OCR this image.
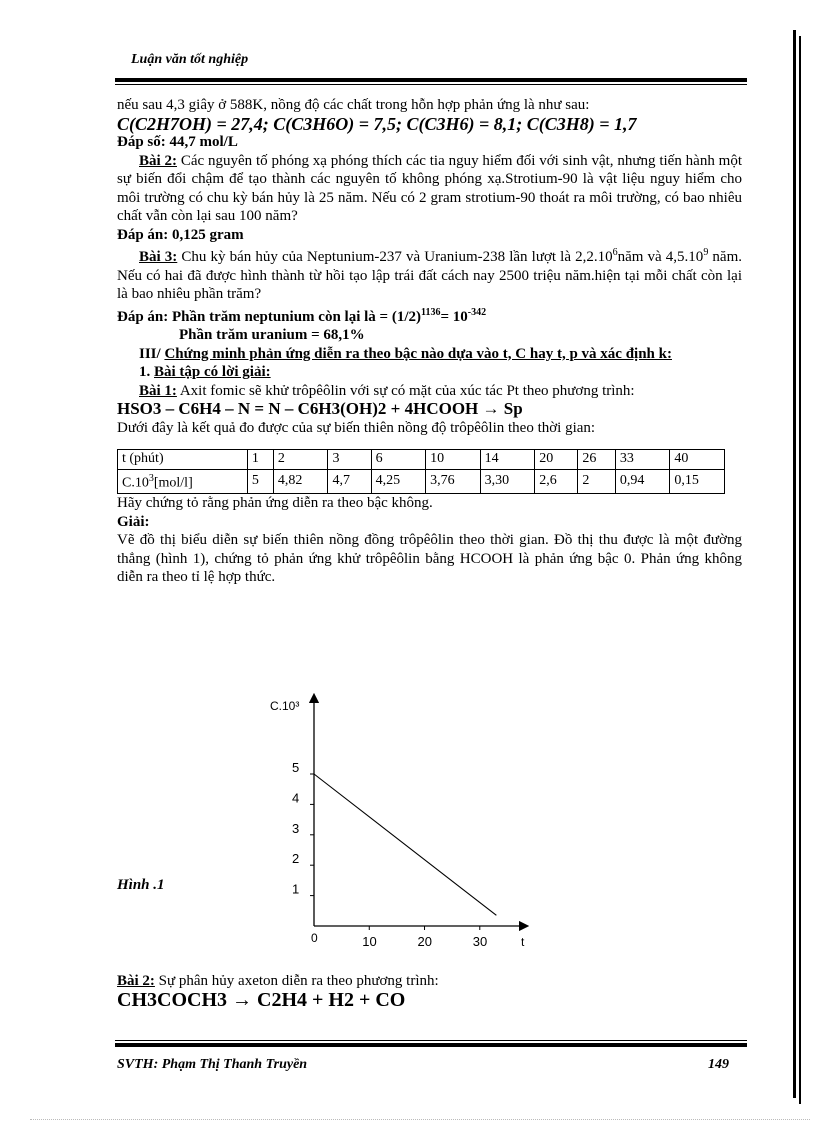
Luận văn tốt nghiệp

nếu sau 4,3 giây ở 588K, nồng độ các chất trong hỗn hợp phản ứng là như sau:

C(C2H7OH) = 27,4; C(C3H6O) = 7,5; C(C3H6) = 8,1; C(C3H8) = 1,7

Đáp số: 44,7 mol/L

Bài 2: Các nguyên tố phóng xạ phóng thích các tia nguy hiểm đối với sinh vật, nhưng tiến hành một sự biến đổi chậm để tạo thành các nguyên tố không phóng xạ.Strotium-90 là vật liệu nguy hiểm cho môi trường có chu kỳ bán hủy là 25 năm. Nếu có 2 gram strotium-90 thoát ra môi trường, có bao nhiêu chất vẫn còn lại sau 100 năm?

Đáp án: 0,125 gram

Bài 3: Chu kỳ bán hủy của Neptunium-237 và Uranium-238 lần lượt là 2,2.10$^6$năm và 4,5.10$^9$ năm. Nếu có hai đã được hình thành từ hồi tạo lập trái đất cách nay 2500 triệu năm.hiện tại mỗi chất còn lại là bao nhiêu phần trăm?

Đáp án: Phần trăm neptunium còn lại là = $(1/2)^{1136}= 10^{-342}$

Phần trăm uranium = 68,1%

III/ Chứng minh phản ứng diễn ra theo bậc nào dựa vào t, C hay t, p và xác định k:

1. Bài tập có lời giải:

Bài 1: Axit fomic sẽ khử trôpêôlin với sự có mặt của xúc tác Pt theo phương trình:

HSO3 – C6H4 – N = N – C6H3(OH)2 + 4HCOOH → Sp

Dưới đây là kết quả đo được của sự biến thiên nồng độ trôpêôlin theo thời gian:

t (phút)	1	2	3	6	10	14	20	26	33	40
$C.10^3[mol/l]$	5	4,82	4,7	4,25	3,76	3,30	2,6	2	0,94	0,15

Hãy chứng tỏ rằng phản ứng diễn ra theo bậc không.

Giải:

Vẽ đồ thị biểu diễn sự biến thiên nồng đồng trôpêôlin theo thời gian. Đồ thị thu được là một đường thẳng (hình 1), chứng tỏ phản ứng khử trôpêôlin bằng HCOOH là phản ứng bậc 0. Phản ứng không diễn ra theo tỉ lệ hợp thức.

C.10³
t
0
1
2
3
4
5
10	20	30
Hình .1

Bài 2: Sự phân hủy axeton diễn ra theo phương trình:

CH3COCH3 → C2H4 + H2 + CO

SVTH: Phạm Thị Thanh Truyền	149
